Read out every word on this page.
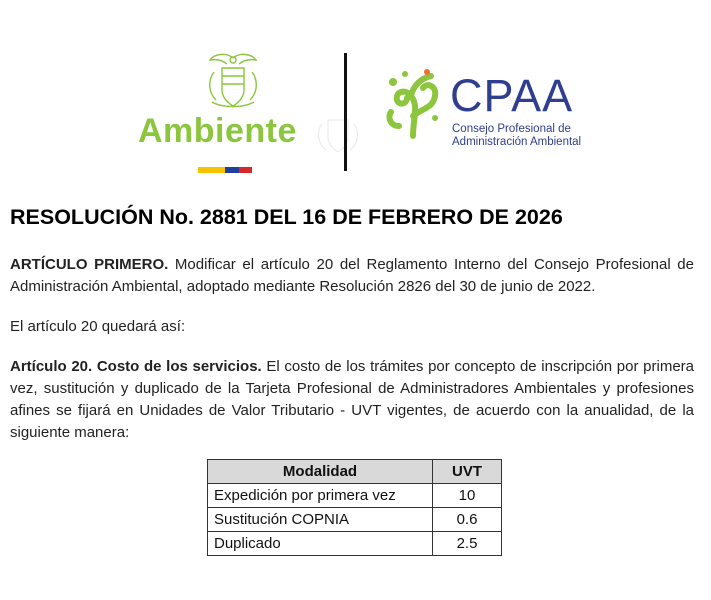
Ambiente
CPAA
Consejo Profesional de
Administración Ambiental
RESOLUCIÓN No. 2881 DEL 16 DE FEBRERO DE 2026

ARTÍCULO PRIMERO. Modificar el artículo 20 del Reglamento Interno del Consejo Profesional de Administración Ambiental, adoptado mediante Resolución 2826 del 30 de junio de 2022.

El artículo 20 quedará así:

Artículo 20. Costo de los servicios. El costo de los trámites por concepto de inscripción por primera vez, sustitución y duplicado de la Tarjeta Profesional de Administradores Ambientales y profesiones afines se fijará en Unidades de Valor Tributario - UVT vigentes, de acuerdo con la anualidad, de la siguiente manera:

Modalidad	UVT
Expedición por primera vez	10
Sustitución COPNIA	0.6
Duplicado	2.5
